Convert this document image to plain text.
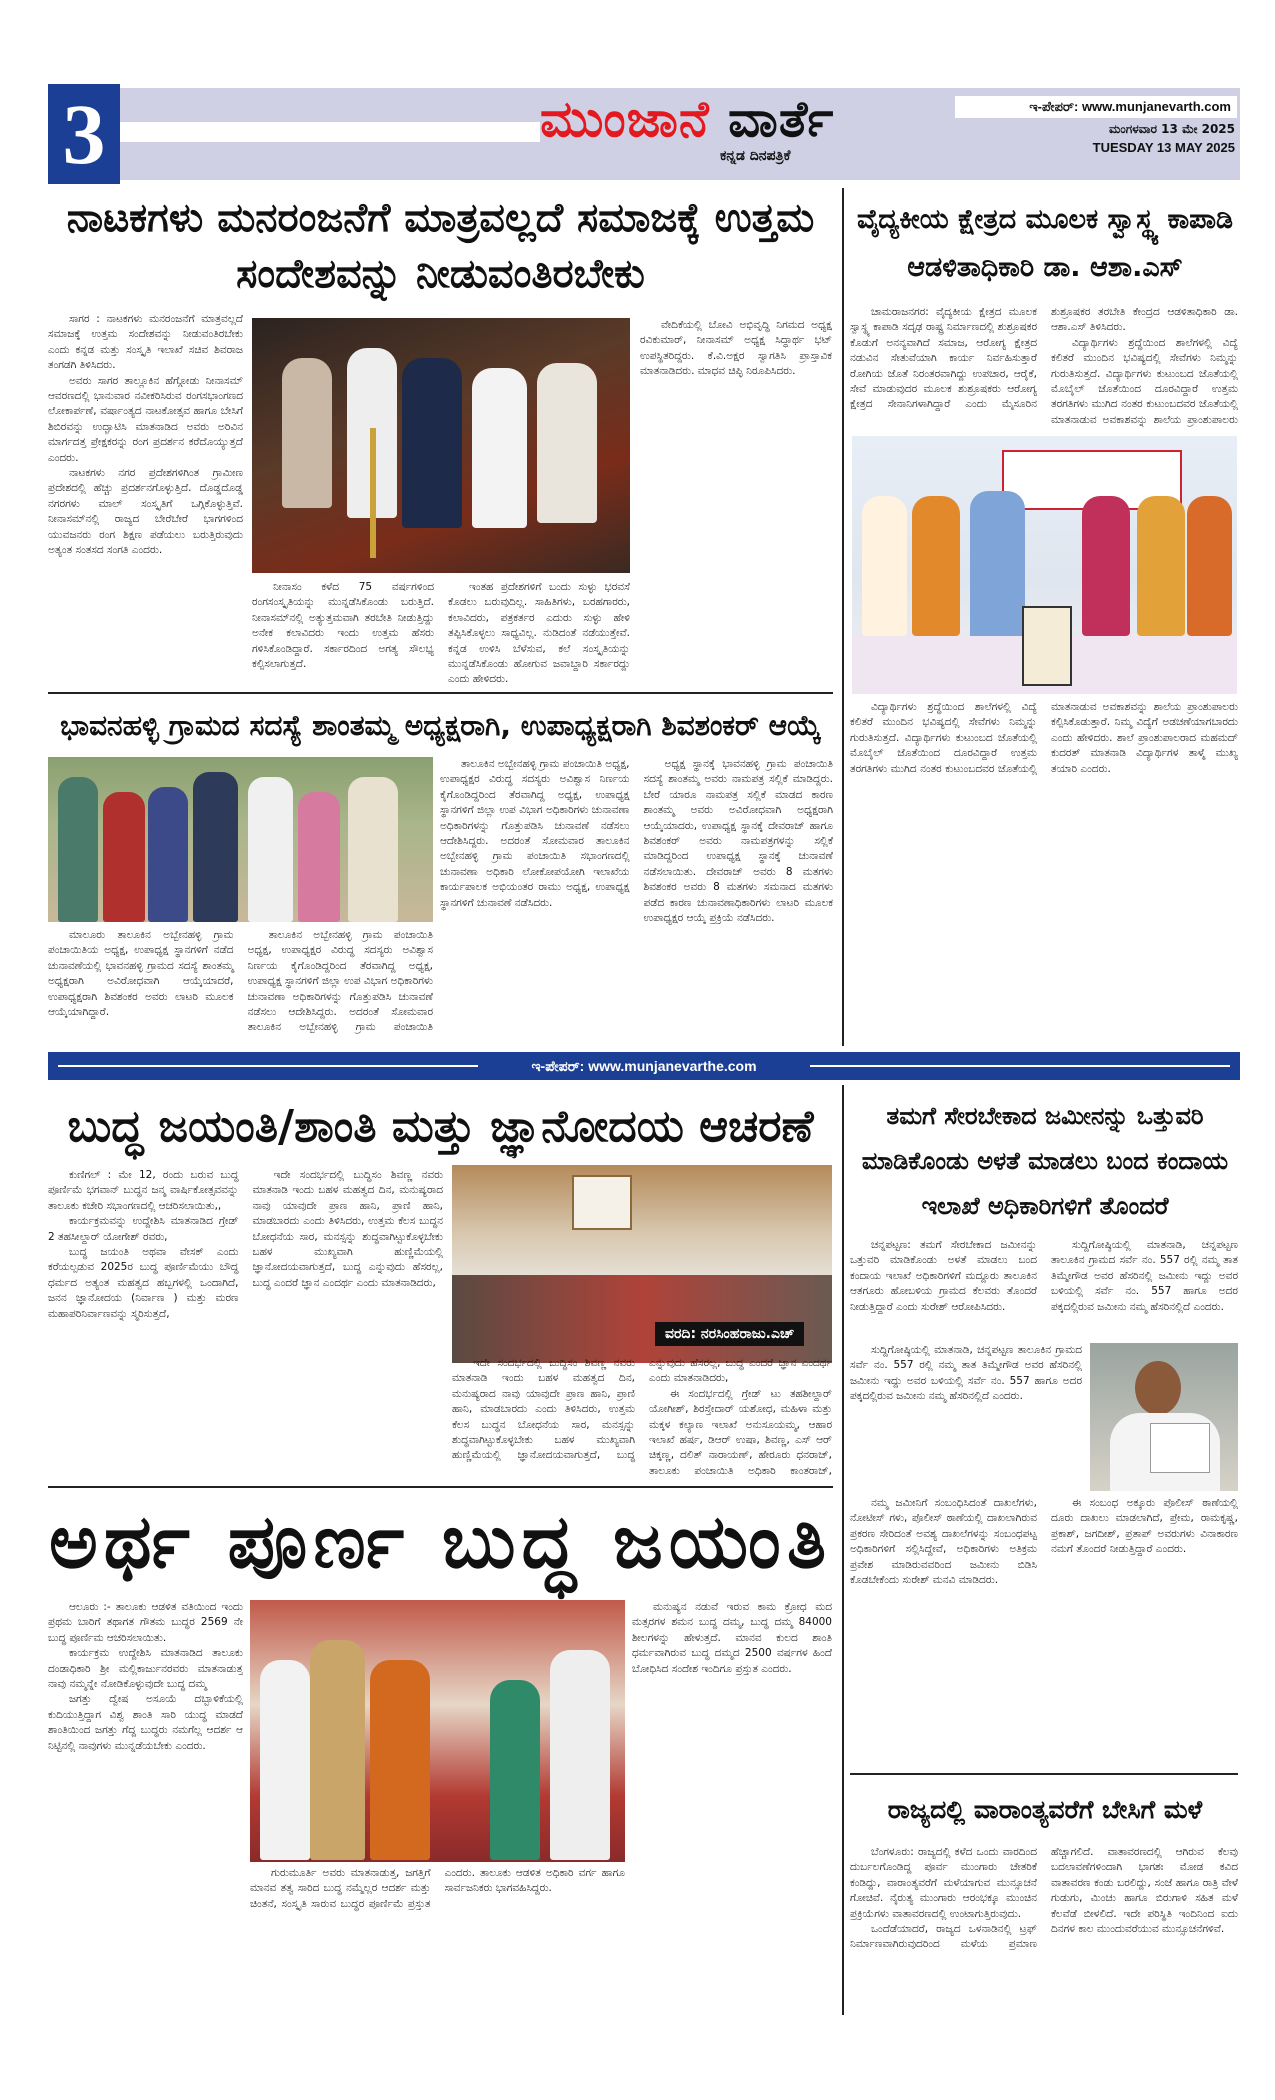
3	ಮುಂಜಾನೆ ವಾರ್ತೆ
ಕನ್ನಡ ದಿನಪತ್ರಿಕೆ
ಇ-ಪೇಪರ್: www.munjanevarth.com
ಮಂಗಳವಾರ 13 ಮೇ 2025
TUESDAY 13 MAY 2025
ನಾಟಕಗಳು ಮನರಂಜನೆಗೆ ಮಾತ್ರವಲ್ಲದೆ ಸಮಾಜಕ್ಕೆ ಉತ್ತಮ ಸಂದೇಶವನ್ನು ನೀಡುವಂತಿರಬೇಕು

ಸಾಗರ : ನಾಟಕಗಳು ಮನರಂಜನೆಗೆ ಮಾತ್ರವಲ್ಲದೆ ಸಮಾಜಕ್ಕೆ ಉತ್ತಮ ಸಂದೇಶವನ್ನು ನೀಡುವಂತಿರಬೇಕು ಎಂದು ಕನ್ನಡ ಮತ್ತು ಸಂಸ್ಕೃತಿ ಇಲಾಖೆ ಸಚಿವ ಶಿವರಾಜ ತಂಗಡಗಿ ತಿಳಿಸಿದರು.

ಅವರು ಸಾಗರ ತಾಲ್ಲೂಕಿನ ಹೆಗ್ಗೋಡು ನೀನಾಸಮ್ ಆವರಣದಲ್ಲಿ ಭಾನುವಾರ ನವೀಕರಿಸಿರುವ ರಂಗಸಭಾಂಗಣದ ಲೋಕಾರ್ಪಣೆ, ವರ್ಷಾಂತ್ಯದ ನಾಟಕೋತ್ಸವ ಹಾಗೂ ಬೇಸಿಗೆ ಶಿಬಿರವನ್ನು ಉದ್ಘಾಟಿಸಿ ಮಾತನಾಡಿದ ಅವರು ಅರಿವಿನ ಮಾರ್ಗದತ್ತ ಪ್ರೇಕ್ಷಕರನ್ನು ರಂಗ ಪ್ರದರ್ಶನ ಕರೆದೊಯ್ಯುತ್ತದೆ ಎಂದರು.

ನಾಟಕಗಳು ನಗರ ಪ್ರದೇಶಗಳಿಗಿಂತ ಗ್ರಾಮೀಣ ಪ್ರದೇಶದಲ್ಲಿ ಹೆಚ್ಚು ಪ್ರದರ್ಶನಗೊಳ್ಳುತ್ತಿದೆ. ದೊಡ್ಡದೊಡ್ಡ ನಗರಗಳು ಮಾಲ್ ಸಂಸ್ಕೃತಿಗೆ ಒಗ್ಗಿಕೊಳ್ಳುತ್ತಿವೆ. ನೀನಾಸಮ್‌ನಲ್ಲಿ ರಾಜ್ಯದ ಬೇರೆಬೇರೆ ಭಾಗಗಳಿಂದ ಯುವಜನರು ರಂಗ ಶಿಕ್ಷಣ ಪಡೆಯಲು ಬರುತ್ತಿರುವುದು ಅತ್ಯಂತ ಸಂತಸದ ಸಂಗತಿ ಎಂದರು.

ನೀನಾಸಂ ಕಳೆದ 75 ವರ್ಷಗಳಿಂದ ರಂಗಸಂಸ್ಕೃತಿಯನ್ನು ಮುನ್ನಡೆಸಿಕೊಂಡು ಬರುತ್ತಿದೆ. ನೀನಾಸಮ್‌ನಲ್ಲಿ ಅತ್ಯುತ್ತಮವಾಗಿ ತರಬೇತಿ ನೀಡುತ್ತಿದ್ದು ಅನೇಕ ಕಲಾವಿದರು ಇಂದು ಉತ್ತಮ ಹೆಸರು ಗಳಿಸಿಕೊಂಡಿದ್ದಾರೆ. ಸರ್ಕಾರದಿಂದ ಅಗತ್ಯ ಸೌಲಭ್ಯ ಕಲ್ಪಿಸಲಾಗುತ್ತದೆ.

ಇಂತಹ ಪ್ರದೇಶಗಳಿಗೆ ಬಂದು ಸುಳ್ಳು ಭರವಸೆ ಕೊಡಲು ಬರುವುದಿಲ್ಲ. ಸಾಹಿತಿಗಳು, ಬರಹಗಾರರು, ಕಲಾವಿದರು, ಪತ್ರಕರ್ತರ ಎದುರು ಸುಳ್ಳು ಹೇಳಿ ತಪ್ಪಿಸಿಕೊಳ್ಳಲು ಸಾಧ್ಯವಿಲ್ಲ. ನುಡಿದಂತೆ ನಡೆಯುತ್ತೇವೆ. ಕನ್ನಡ ಉಳಿಸಿ ಬೆಳೆಸುವ, ಕಲೆ ಸಂಸ್ಕೃತಿಯನ್ನು ಮುನ್ನಡೆಸಿಕೊಂಡು ಹೋಗುವ ಜವಾಬ್ದಾರಿ ಸರ್ಕಾರದ್ದು ಎಂದು ಹೇಳಿದರು.

ವೇದಿಕೆಯಲ್ಲಿ ಬೋವಿ ಅಭಿವೃದ್ಧಿ ನಿಗಮದ ಅಧ್ಯಕ್ಷ ರವಿಕುಮಾರ್, ನೀನಾಸಮ್ ಅಧ್ಯಕ್ಷ ಸಿದ್ಧಾರ್ಥ ಭಟ್ ಉಪಸ್ಥಿತರಿದ್ದರು. ಕೆ.ವಿ.ಅಕ್ಷರ ಸ್ವಾಗತಿಸಿ ಪ್ರಾಸ್ತಾವಿಕ ಮಾತನಾಡಿದರು. ಮಾಧವ ಚಿಪ್ಳಿ ನಿರೂಪಿಸಿದರು.

ವೈದ್ಯಕೀಯ ಕ್ಷೇತ್ರದ ಮೂಲಕ ಸ್ವಾಸ್ಥ್ಯ ಕಾಪಾಡಿ ಆಡಳಿತಾಧಿಕಾರಿ ಡಾ. ಆಶಾ.ಎಸ್

ಚಾಮರಾಜನಗರ: ವೈದ್ಯಕೀಯ ಕ್ಷೇತ್ರದ ಮೂಲಕ ಸ್ವಾಸ್ಥ್ಯ ಕಾಪಾಡಿ ಸದೃಢ ರಾಷ್ಟ್ರ ನಿರ್ಮಾಣದಲ್ಲಿ ಶುಶ್ರೂಷಕರ ಕೊಡುಗೆ ಅನನ್ಯವಾಗಿದೆ ಸಮಾಜ, ಆರೋಗ್ಯ ಕ್ಷೇತ್ರದ ನಡುವಿನ ಸೇತುವೆಯಾಗಿ ಕಾರ್ಯ ನಿರ್ವಹಿಸುತ್ತಾರೆ ರೋಗಿಯ ಜೊತೆ ನಿರಂತರವಾಗಿದ್ದು ಉಪಚಾರ, ಆರೈಕೆ, ಸೇವೆ ಮಾಡುವುದರ ಮೂಲಕ ಶುಶ್ರೂಷಕರು ಆರೋಗ್ಯ ಕ್ಷೇತ್ರದ ಸೇನಾನಿಗಳಾಗಿದ್ದಾರೆ ಎಂದು ಮೈಸೂರಿನ ಶುಶ್ರೂಷಕರ ತರಬೇತಿ ಕೇಂದ್ರದ ಆಡಳಿತಾಧಿಕಾರಿ ಡಾ. ಆಶಾ.ಎಸ್ ತಿಳಿಸಿದರು.

ವಿದ್ಯಾರ್ಥಿಗಳು ಶ್ರದ್ಧೆಯಿಂದ ಶಾಲೆಗಳಲ್ಲಿ ವಿದ್ಯೆ ಕಲಿತರೆ ಮುಂದಿನ ಭವಿಷ್ಯದಲ್ಲಿ ಸೇವೆಗಳು ನಿಮ್ಮನ್ನು ಗುರುತಿಸುತ್ತದೆ. ವಿದ್ಯಾರ್ಥಿಗಳು ಕುಟುಂಬದ ಜೊತೆಯಲ್ಲಿ ಮೊಬೈಲ್ ಜೊತೆಯಿಂದ ದೂರವಿದ್ದಾರೆ ಉತ್ತಮ ತರಗತಿಗಳು ಮುಗಿದ ನಂತರ ಕುಟುಂಬದವರ ಜೊತೆಯಲ್ಲಿ ಮಾತನಾಡುವ ಅವಕಾಶವನ್ನು ಶಾಲೆಯ ಪ್ರಾಂಶುಪಾಲರು

ವಿದ್ಯಾರ್ಥಿಗಳು ಶ್ರದ್ಧೆಯಿಂದ ಶಾಲೆಗಳಲ್ಲಿ ವಿದ್ಯೆ ಕಲಿತರೆ ಮುಂದಿನ ಭವಿಷ್ಯದಲ್ಲಿ ಸೇವೆಗಳು ನಿಮ್ಮನ್ನು ಗುರುತಿಸುತ್ತದೆ. ವಿದ್ಯಾರ್ಥಿಗಳು ಕುಟುಂಬದ ಜೊತೆಯಲ್ಲಿ ಮೊಬೈಲ್ ಜೊತೆಯಿಂದ ದೂರವಿದ್ದಾರೆ ಉತ್ತಮ ತರಗತಿಗಳು ಮುಗಿದ ನಂತರ ಕುಟುಂಬದವರ ಜೊತೆಯಲ್ಲಿ ಮಾತನಾಡುವ ಅವಕಾಶವನ್ನು ಶಾಲೆಯ ಪ್ರಾಂಶುಪಾಲರು ಕಲ್ಪಿಸಿಕೊಡುತ್ತಾರೆ. ನಿಮ್ಮ ವಿದ್ಯೆಗೆ ಅಡಚಣೆಯಾಗಬಾರದು ಎಂದು ಹೇಳಿದರು. ಶಾಲೆ ಪ್ರಾಂಶುಪಾಲರಾದ ಮಹಮದ್ ಕುದರತ್ ಮಾತನಾಡಿ ವಿದ್ಯಾರ್ಥಿಗಳ ತಾಳ್ಮೆ ಮುಖ್ಯ ತಯಾರಿ ಎಂದರು.

ಭಾವನಹಳ್ಳಿ ಗ್ರಾಮದ ಸದಸ್ಯೆ ಶಾಂತಮ್ಮ ಅಧ್ಯಕ್ಷರಾಗಿ, ಉಪಾಧ್ಯಕ್ಷರಾಗಿ ಶಿವಶಂಕರ್ ಆಯ್ಕೆ

ಮಾಲೂರು ತಾಲೂಕಿನ ಅಬ್ಬೇನಹಳ್ಳಿ ಗ್ರಾಮ ಪಂಚಾಯಿತಿಯ ಅಧ್ಯಕ್ಷ, ಉಪಾಧ್ಯಕ್ಷ ಸ್ಥಾನಗಳಿಗೆ ನಡೆದ ಚುನಾವಣೆಯಲ್ಲಿ ಭಾವನಹಳ್ಳಿ ಗ್ರಾಮದ ಸದಸ್ಯೆ ಶಾಂತಮ್ಮ ಅಧ್ಯಕ್ಷರಾಗಿ ಅವಿರೋಧವಾಗಿ ಆಯ್ಕೆಯಾದರೆ, ಉಪಾಧ್ಯಕ್ಷರಾಗಿ ಶಿವಶಂಕರ ಅವರು ಲಾಟರಿ ಮೂಲಕ ಆಯ್ಕೆಯಾಗಿದ್ದಾರೆ.

ತಾಲೂಕಿನ ಅಬ್ಬೇನಹಳ್ಳಿ ಗ್ರಾಮ ಪಂಚಾಯಿತಿ ಅಧ್ಯಕ್ಷ, ಉಪಾಧ್ಯಕ್ಷರ ವಿರುದ್ಧ ಸದಸ್ಯರು ಅವಿಶ್ವಾಸ ನಿರ್ಣಯ ಕೈಗೊಂಡಿದ್ದರಿಂದ ತೆರವಾಗಿದ್ದ ಅಧ್ಯಕ್ಷ, ಉಪಾಧ್ಯಕ್ಷ ಸ್ಥಾನಗಳಿಗೆ ಜಿಲ್ಲಾ ಉಪ ವಿಭಾಗ ಅಧಿಕಾರಿಗಳು ಚುನಾವಣಾ ಅಧಿಕಾರಿಗಳನ್ನು ಗೊತ್ತುಪಡಿಸಿ ಚುನಾವಣೆ ನಡೆಸಲು ಆದೇಶಿಸಿದ್ದರು. ಅದರಂತೆ ಸೋಮವಾರ ತಾಲೂಕಿನ ಅಬ್ಬೇನಹಳ್ಳಿ ಗ್ರಾಮ ಪಂಚಾಯಿತಿ

ತಾಲೂಕಿನ ಅಬ್ಬೇನಹಳ್ಳಿ ಗ್ರಾಮ ಪಂಚಾಯಿತಿ ಅಧ್ಯಕ್ಷ, ಉಪಾಧ್ಯಕ್ಷರ ವಿರುದ್ಧ ಸದಸ್ಯರು ಅವಿಶ್ವಾಸ ನಿರ್ಣಯ ಕೈಗೊಂಡಿದ್ದರಿಂದ ತೆರವಾಗಿದ್ದ ಅಧ್ಯಕ್ಷ, ಉಪಾಧ್ಯಕ್ಷ ಸ್ಥಾನಗಳಿಗೆ ಜಿಲ್ಲಾ ಉಪ ವಿಭಾಗ ಅಧಿಕಾರಿಗಳು ಚುನಾವಣಾ ಅಧಿಕಾರಿಗಳನ್ನು ಗೊತ್ತುಪಡಿಸಿ ಚುನಾವಣೆ ನಡೆಸಲು ಆದೇಶಿಸಿದ್ದರು. ಅದರಂತೆ ಸೋಮವಾರ ತಾಲೂಕಿನ ಅಬ್ಬೇನಹಳ್ಳಿ ಗ್ರಾಮ ಪಂಚಾಯಿತಿ ಸಭಾಂಗಣದಲ್ಲಿ ಚುನಾವಣಾ ಅಧಿಕಾರಿ ಲೋಕೋಪಯೋಗಿ ಇಲಾಖೆಯ ಕಾರ್ಯಪಾಲಕ ಅಭಿಯಂತರ ರಾಮು ಅಧ್ಯಕ್ಷ, ಉಪಾಧ್ಯಕ್ಷ ಸ್ಥಾನಗಳಿಗೆ ಚುನಾವಣೆ ನಡೆಸಿದರು.

ಅಧ್ಯಕ್ಷ ಸ್ಥಾನಕ್ಕೆ ಭಾವನಹಳ್ಳಿ ಗ್ರಾಮ ಪಂಚಾಯಿತಿ ಸದಸ್ಯೆ ಶಾಂತಮ್ಮ ಅವರು ನಾಮಪತ್ರ ಸಲ್ಲಿಕೆ ಮಾಡಿದ್ದರು. ಬೇರೆ ಯಾರೂ ನಾಮಪತ್ರ ಸಲ್ಲಿಕೆ ಮಾಡದ ಕಾರಣ ಶಾಂತಮ್ಮ ಅವರು ಅವಿರೋಧವಾಗಿ ಅಧ್ಯಕ್ಷರಾಗಿ ಆಯ್ಕೆಯಾದರು, ಉಪಾಧ್ಯಕ್ಷ ಸ್ಥಾನಕ್ಕೆ ದೇವರಾಜ್ ಹಾಗೂ ಶಿವಶಂಕರ್ ಅವರು ನಾಮಪತ್ರಗಳನ್ನು ಸಲ್ಲಿಕೆ ಮಾಡಿದ್ದರಿಂದ ಉಪಾಧ್ಯಕ್ಷ ಸ್ಥಾನಕ್ಕೆ ಚುನಾವಣೆ ನಡೆಸಲಾಯಿತು. ದೇವರಾಜ್ ಅವರು 8 ಮತಗಳು ಶಿವಶಂಕರ ಅವರು 8 ಮತಗಳು ಸಮನಾದ ಮತಗಳು ಪಡೆದ ಕಾರಣ ಚುನಾವಣಾಧಿಕಾರಿಗಳು ಲಾಟರಿ ಮೂಲಕ ಉಪಾಧ್ಯಕ್ಷರ ಆಯ್ಕೆ ಪ್ರಕ್ರಿಯೆ ನಡೆಸಿದರು.

ಇ-ಪೇಪರ್: www.munjanevarthe.com
ಬುದ್ಧ ಜಯಂತಿ/ಶಾಂತಿ ಮತ್ತು ಜ್ಞಾನೋದಯ ಆಚರಣೆ

ಕುಣಿಗಲ್ : ಮೇ 12, ರಂದು ಬರುವ ಬುದ್ಧ ಪೂರ್ಣಿಮೆ ಭಗವಾನ್ ಬುದ್ಧನ ಜನ್ಮ ವಾರ್ಷಿಕೋತ್ಸವವನ್ನು ತಾಲೂಕು ಕಚೇರಿ ಸಭಾಂಗಣದಲ್ಲಿ ಆಚರಿಸಲಾಯಿತು,,

ಕಾರ್ಯಕ್ರಮವನ್ನು ಉದ್ದೇಶಿಸಿ ಮಾತನಾಡಿದ ಗ್ರೇಡ್ 2 ತಹಸೀಲ್ದಾರ್ ಯೋಗೇಶ್ ರವರು,

ಬುದ್ಧ ಜಯಂತಿ ಅಥವಾ ವೇಸಕ್ ಎಂದು ಕರೆಯಲ್ಪಡುವ 2025ರ ಬುದ್ಧ ಪೂರ್ಣಿಮೆಯು ಬೌದ್ಧ ಧರ್ಮದ ಅತ್ಯಂತ ಮಹತ್ವದ ಹಬ್ಬಗಳಲ್ಲಿ ಒಂದಾಗಿದೆ, ಜನನ ಜ್ಞಾನೋದಯ (ನಿರ್ವಾಣ ) ಮತ್ತು ಮರಣ ಮಹಾಪರಿನಿರ್ವಾಣವನ್ನು ಸ್ಮರಿಸುತ್ತದೆ,

ಇದೇ ಸಂದರ್ಭದಲ್ಲಿ ಬುದ್ಧಿಸಂ ಶಿವಣ್ಣ ನವರು ಮಾತನಾಡಿ ಇಂದು ಬಹಳ ಮಹತ್ವದ ದಿನ, ಮನುಷ್ಯರಾದ ನಾವು ಯಾವುದೇ ಪ್ರಾಣ ಹಾನಿ, ಪ್ರಾಣಿ ಹಾನಿ, ಮಾಡಬಾರದು ಎಂದು ತಿಳಿಸಿದರು, ಉತ್ತಮ ಕೆಲಸ ಬುದ್ಧನ ಬೋಧನೆಯ ಸಾರ, ಮನಸ್ಸನ್ನು ಶುದ್ಧವಾಗಿಟ್ಟುಕೊಳ್ಳಬೇಕು ಬಹಳ ಮುಖ್ಯವಾಗಿ ಹುಣ್ಣಿಮೆಯಲ್ಲಿ ಜ್ಞಾನೋದಯವಾಗುತ್ತದೆ, ಬುದ್ಧ ಎನ್ನುವುದು ಹೆಸರಲ್ಲ, ಬುದ್ಧ ಎಂದರೆ ಜ್ಞಾನ ಎಂದರ್ಥ ಎಂದು ಮಾತನಾಡಿದರು,

ವರದಿ: ನರಸಿಂಹರಾಜು.ಎಚ್

ಇದೇ ಸಂದರ್ಭದಲ್ಲಿ ಬುದ್ಧಿಸಂ ಶಿವಣ್ಣ ನವರು ಮಾತನಾಡಿ ಇಂದು ಬಹಳ ಮಹತ್ವದ ದಿನ, ಮನುಷ್ಯರಾದ ನಾವು ಯಾವುದೇ ಪ್ರಾಣ ಹಾನಿ, ಪ್ರಾಣಿ ಹಾನಿ, ಮಾಡಬಾರದು ಎಂದು ತಿಳಿಸಿದರು, ಉತ್ತಮ ಕೆಲಸ ಬುದ್ಧನ ಬೋಧನೆಯ ಸಾರ, ಮನಸ್ಸನ್ನು ಶುದ್ಧವಾಗಿಟ್ಟುಕೊಳ್ಳಬೇಕು ಬಹಳ ಮುಖ್ಯವಾಗಿ ಹುಣ್ಣಿಮೆಯಲ್ಲಿ ಜ್ಞಾನೋದಯವಾಗುತ್ತದೆ, ಬುದ್ಧ ಎನ್ನುವುದು ಹೆಸರಲ್ಲ, ಬುದ್ಧ ಎಂದರೆ ಜ್ಞಾನ ಎಂದರ್ಥ ಎಂದು ಮಾತನಾಡಿದರು,

ಈ ಸಂದರ್ಭದಲ್ಲಿ ಗ್ರೇಡ್ ಟು ತಹಶೀಲ್ದಾರ್ ಯೋಗೀಶ್, ಶಿರಸ್ತೇದಾರ್ ಯಶೋಧ, ಮಹಿಳಾ ಮತ್ತು ಮಕ್ಕಳ ಕಲ್ಯಾಣ ಇಲಾಖೆ ಅನುಸೂಯಮ್ಮ, ಆಹಾರ ಇಲಾಖೆ ಹರ್ಷ, ಡಿಆರ್ ಉಷಾ, ಶಿವಣ್ಣ, ಎಸ್ ಆರ್ ಚಿಕ್ಕಣ್ಣ, ದಲಿತ್ ನಾರಾಯಣ್, ಹೇರೂರು ಧನರಾಜ್, ತಾಲೂಕು ಪಂಚಾಯಿತಿ ಅಧಿಕಾರಿ ಕಾಂತರಾಜ್,

ತಮಗೆ ಸೇರಬೇಕಾದ ಜಮೀನನ್ನು ಒತ್ತುವರಿ ಮಾಡಿಕೊಂಡು ಅಳತೆ ಮಾಡಲು ಬಂದ ಕಂದಾಯ ಇಲಾಖೆ ಅಧಿಕಾರಿಗಳಿಗೆ ತೊಂದರೆ

ಚನ್ನಪಟ್ಟಣ: ತಮಗೆ ಸೇರಬೇಕಾದ ಜಮೀನನ್ನು ಒತ್ತುವರಿ ಮಾಡಿಕೊಂಡು ಅಳತೆ ಮಾಡಲು ಬಂದ ಕಂದಾಯ ಇಲಾಖೆ ಅಧಿಕಾರಿಗಳಿಗೆ ಮದ್ದೂರು ತಾಲೂಕಿನ ಆತಗೂರು ಹೋಬಳಿಯ ಗ್ರಾಮದ ಕೆಲವರು ತೊಂದರೆ ನೀಡುತ್ತಿದ್ದಾರೆ ಎಂದು ಸುರೇಶ್ ಆರೋಪಿಸಿದರು.

ಸುದ್ದಿಗೋಷ್ಠಿಯಲ್ಲಿ ಮಾತನಾಡಿ, ಚನ್ನಪಟ್ಟಣ ತಾಲೂಕಿನ ಗ್ರಾಮದ ಸರ್ವೆ ನಂ. 557 ರಲ್ಲಿ ನಮ್ಮ ತಾತ ತಿಮ್ಮೇಗೌಡ ಅವರ ಹೆಸರಿನಲ್ಲಿ ಜಮೀನು ಇದ್ದು ಅವರ ಬಳಿಯಲ್ಲಿ ಸರ್ವೆ ನಂ. 557 ಹಾಗೂ ಅದರ ಪಕ್ಕದಲ್ಲಿರುವ ಜಮೀನು ನಮ್ಮ ಹೆಸರಿನಲ್ಲಿದೆ ಎಂದರು.

ಸುದ್ದಿಗೋಷ್ಠಿಯಲ್ಲಿ ಮಾತನಾಡಿ, ಚನ್ನಪಟ್ಟಣ ತಾಲೂಕಿನ ಗ್ರಾಮದ ಸರ್ವೆ ನಂ. 557 ರಲ್ಲಿ ನಮ್ಮ ತಾತ ತಿಮ್ಮೇಗೌಡ ಅವರ ಹೆಸರಿನಲ್ಲಿ ಜಮೀನು ಇದ್ದು ಅವರ ಬಳಿಯಲ್ಲಿ ಸರ್ವೆ ನಂ. 557 ಹಾಗೂ ಅದರ ಪಕ್ಕದಲ್ಲಿರುವ ಜಮೀನು ನಮ್ಮ ಹೆಸರಿನಲ್ಲಿದೆ ಎಂದರು.

ನಮ್ಮ ಜಮೀನಿಗೆ ಸಂಬಂಧಿಸಿದಂತೆ ದಾಖಲೆಗಳು, ನೋಟೀಸ್ ಗಳು, ಪೊಲೀಸ್ ಠಾಣೆಯಲ್ಲಿ ದಾಖಲಾಗಿರುವ ಪ್ರಕರಣ ಸೇರಿದಂತೆ ಅವಶ್ಯ ದಾಖಲೆಗಳನ್ನು ಸಂಬಂಧಪಟ್ಟ ಅಧಿಕಾರಿಗಳಿಗೆ ಸಲ್ಲಿಸಿದ್ದೇವೆ, ಅಧಿಕಾರಿಗಳು ಅತಿಕ್ರಮ ಪ್ರವೇಶ ಮಾಡಿರುವವರಿಂದ ಜಮೀನು ಬಿಡಿಸಿ ಕೊಡಬೇಕೆಂದು ಸುರೇಶ್ ಮನವಿ ಮಾಡಿದರು.

ಈ ಸಂಬಂಧ ಅಕ್ಕೂರು ಪೊಲೀಸ್ ಠಾಣೆಯಲ್ಲಿ ದೂರು ದಾಖಲು ಮಾಡಲಾಗಿದೆ, ಪ್ರೇಮ, ರಾಮಕೃಷ್ಣ, ಪ್ರಕಾಶ್, ಜಗದೀಶ್, ಪ್ರತಾಪ್ ಅವರುಗಳು ವಿನಾಕಾರಣ ನಮಗೆ ತೊಂದರೆ ನೀಡುತ್ತಿದ್ದಾರೆ ಎಂದರು.

ಅರ್ಥ ಪೂರ್ಣ ಬುದ್ಧ ಜಯಂತಿ

ಆಲೂರು :- ತಾಲೂಕು ಆಡಳಿತ ವತಿಯಿಂದ ಇಂದು ಪ್ರಥಮ ಬಾರಿಗೆ ತಥಾಗತ ಗೌತಮ ಬುದ್ಧರ 2569 ನೇ ಬುದ್ಧ ಪೂರ್ಣಿಮ ಆಚರಿಸಲಾಯಿತು.

ಕಾರ್ಯಕ್ರಮ ಉದ್ದೇಶಿಸಿ ಮಾತನಾಡಿದ ತಾಲೂಕು ದಂಡಾಧಿಕಾರಿ ಶ್ರೀ ಮಲ್ಲಿಕಾರ್ಜುನರವರು ಮಾತನಾಡುತ್ತ ನಾವು ನಮ್ಮನ್ನೇ ನೋಡಿಕೊಳ್ಳುವುದೇ ಬುದ್ಧ ದಮ್ಮ

ಜಗತ್ತು ದ್ವೇಷ ಅಸೂಯೆ ದಬ್ಬಾಳಿಕೆಯಲ್ಲಿ ಕುದಿಯುತ್ತಿದ್ದಾಗ ವಿಶ್ವ ಶಾಂತಿ ಸಾರಿ ಯುದ್ಧ ಮಾಡದೆ ಶಾಂತಿಯಿಂದ ಜಗತ್ತು ಗೆದ್ದ ಬುದ್ಧರು ನಮಗೆಲ್ಲ ಆದರ್ಶ ಆ ನಿಟ್ಟಿನಲ್ಲಿ ನಾವುಗಳು ಮುನ್ನಡೆಯಬೇಕು ಎಂದರು.

ಗುರುಮೂರ್ತಿ ಅವರು ಮಾತನಾಡುತ್ತ, ಜಗತ್ತಿಗೆ ಮಾನವ ತತ್ವ ಸಾರಿದ ಬುದ್ಧ ನಮ್ಮೆಲ್ಲರ ಆದರ್ಶ ಮತ್ತು ಚಿಂತನೆ, ಸಂಸ್ಕೃತಿ ಸಾರುವ ಬುದ್ಧರ ಪೂರ್ಣಿಮೆ ಪ್ರಸ್ತುತ ಎಂದರು. ತಾಲೂಕು ಆಡಳಿತ ಅಧಿಕಾರಿ ವರ್ಗ ಹಾಗೂ ಸಾರ್ವಜನಿಕರು ಭಾಗವಹಿಸಿದ್ದರು.

ಮನುಷ್ಯನ ನಡುವೆ ಇರುವ ಕಾಮ ಕ್ರೋಧ ಮದ ಮತ್ಸರಗಳ ಶಮನ ಬುದ್ಧ ದಮ್ಮ, ಬುದ್ಧ ದಮ್ಮ 84000 ಶೀಲಗಳನ್ನು ಹೇಳುತ್ತದೆ. ಮಾನವ ಕುಲದ ಶಾಂತಿ ಧರ್ಮವಾಗಿರುವ ಬುದ್ಧ ದಮ್ಮದ 2500 ವರ್ಷಗಳ ಹಿಂದೆ ಬೋಧಿಸಿದ ಸಂದೇಶ ಇಂದಿಗೂ ಪ್ರಸ್ತುತ ಎಂದರು.

ರಾಜ್ಯದಲ್ಲಿ ವಾರಾಂತ್ಯವರೆಗೆ ಬೇಸಿಗೆ ಮಳೆ

ಬೆಂಗಳೂರು: ರಾಜ್ಯದಲ್ಲಿ ಕಳೆದ ಒಂದು ವಾರದಿಂದ ದುರ್ಬಲಗೊಂಡಿದ್ದ ಪೂರ್ವ ಮುಂಗಾರು ಚೇತರಿಕೆ ಕಂಡಿದ್ದು, ವಾರಾಂತ್ಯವರೆಗೆ ಮಳೆಯಾಗುವ ಮುನ್ಸೂಚನೆ ಗೋಚಿವೆ. ನೈರುತ್ಯ ಮುಂಗಾರು ಆರಂಭಕ್ಕೂ ಮುಂಚಿನ ಪ್ರಕ್ರಿಯೆಗಳು ವಾತಾವರಣದಲ್ಲಿ ಉಂಟಾಗುತ್ತಿರುವುದು.

ಒಂದೆಡೆಯಾದರೆ, ರಾಜ್ಯದ ಒಳನಾಡಿನಲ್ಲಿ ಟ್ರಫ್ ನಿರ್ಮಾಣವಾಗಿರುವುದರಿಂದ ಮಳೆಯ ಪ್ರಮಾಣ ಹೆಚ್ಚಾಗಲಿದೆ. ವಾತಾವರಣದಲ್ಲಿ ಆಗಿರುವ ಕೆಲವು ಬದಲಾವಣೆಗಳಿಂದಾಗಿ ಭಾಗಶಃ ಮೋಡ ಕವಿದ ವಾತಾವರಣ ಕಂಡು ಬರಲಿದ್ದು, ಸಂಜೆ ಹಾಗೂ ರಾತ್ರಿ ವೇಳೆ ಗುಡುಗು, ಮಿಂಚು ಹಾಗೂ ಬಿರುಗಾಳಿ ಸಹಿತ ಮಳೆ ಕೆಲವೆಡೆ ಬೀಳಲಿದೆ. ಇದೇ ಪರಿಸ್ಥಿತಿ ಇಂದಿನಿಂದ ಐದು ದಿನಗಳ ಕಾಲ ಮುಂದುವರೆಯುವ ಮುನ್ಸೂಚನೆಗಳಿವೆ.
